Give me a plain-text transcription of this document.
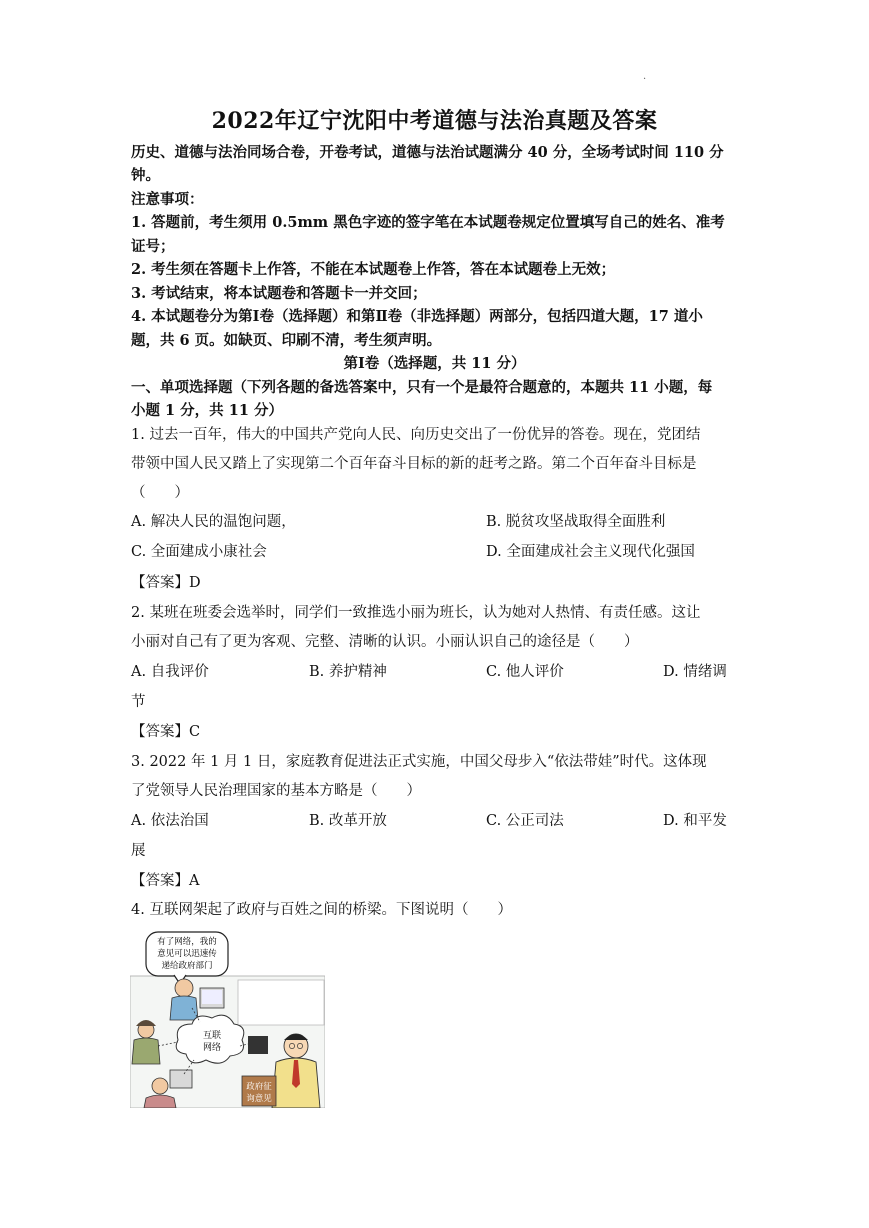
·
2022年辽宁沈阳中考道德与法治真题及答案
历史、道德与法治同场合卷，开卷考试，道德与法治试题满分 40 分，全场考试时间 110 分
钟。
注意事项：
1. 答题前，考生须用 0.5mm 黑色字迹的签字笔在本试题卷规定位置填写自己的姓名、准考
证号；
2. 考生须在答题卡上作答，不能在本试题卷上作答，答在本试题卷上无效；
3. 考试结束，将本试题卷和答题卡一并交回；
4. 本试题卷分为第Ⅰ卷（选择题）和第Ⅱ卷（非选择题）两部分，包括四道大题，17 道小
题，共 6 页。如缺页、印刷不清，考生须声明。
第Ⅰ卷（选择题，共 11 分）
一、单项选择题（下列各题的备选答案中，只有一个是最符合题意的，本题共 11 小题，每
小题 1 分，共 11 分）
1. 过去一百年，伟大的中国共产党向人民、向历史交出了一份优异的答卷。现在，党团结
带领中国人民又踏上了实现第二个百年奋斗目标的新的赶考之路。第二个百年奋斗目标是
（　　）
A. 解决人民的温饱问题，	B. 脱贫攻坚战取得全面胜利
C. 全面建成小康社会	D. 全面建成社会主义现代化强国
【答案】D
2. 某班在班委会选举时，同学们一致推选小丽为班长，认为她对人热情、有责任感。这让
小丽对自己有了更为客观、完整、清晰的认识。小丽认识自己的途径是（　　）
A. 自我评价	B. 养护精神	C. 他人评价	D. 情绪调
节
【答案】C
3. 2022 年 1 月 1 日，家庭教育促进法正式实施，中国父母步入“依法带娃”时代。这体现
了党领导人民治理国家的基本方略是（　　）
A. 依法治国	B. 改革开放	C. 公正司法	D. 和平发
展
【答案】A
4. 互联网架起了政府与百姓之间的桥梁。下图说明（　　）
有了网络，我的
意见可以迅速传
递给政府部门
互联
网络
政府征
询意见
